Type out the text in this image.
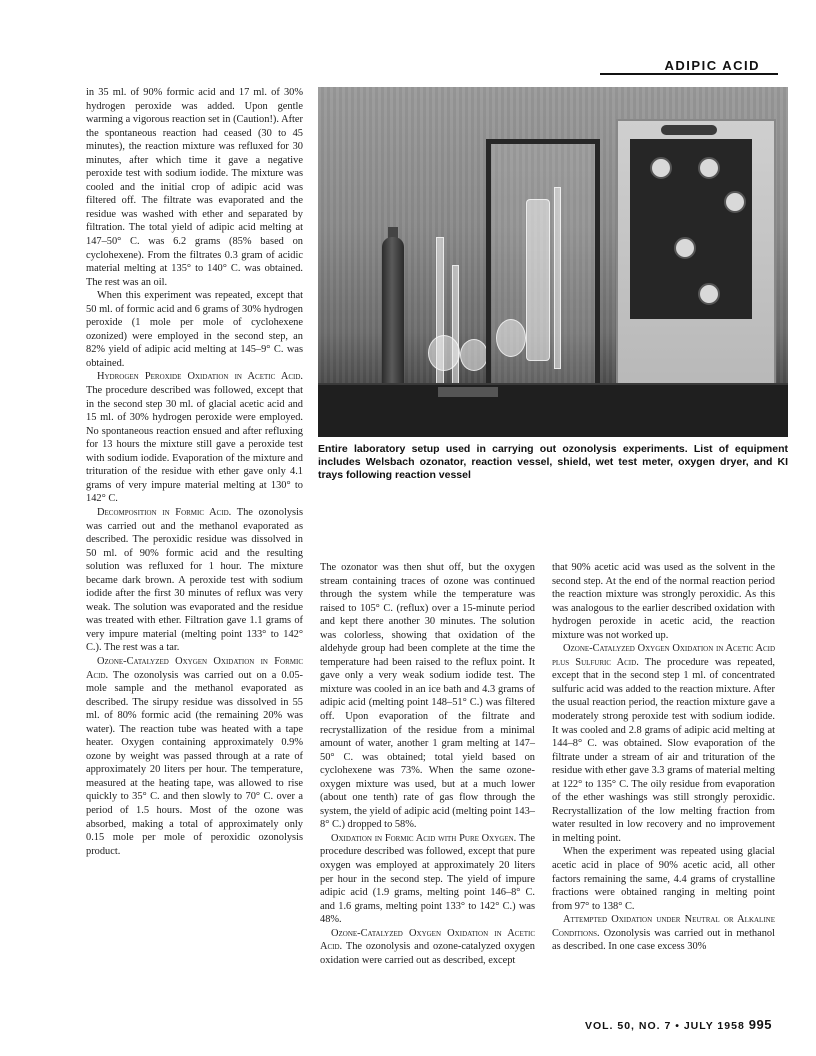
ADIPIC ACID

in 35 ml. of 90% formic acid and 17 ml. of 30% hydrogen peroxide was added. Upon gentle warming a vigorous reaction set in (Caution!). After the spontaneous reaction had ceased (30 to 45 minutes), the reaction mixture was refluxed for 30 minutes, after which time it gave a negative peroxide test with sodium iodide. The mixture was cooled and the initial crop of adipic acid was filtered off. The filtrate was evaporated and the residue was washed with ether and separated by filtration. The total yield of adipic acid melting at 147–50° C. was 6.2 grams (85% based on cyclohexene). From the filtrates 0.3 gram of acidic material melting at 135° to 140° C. was obtained. The rest was an oil.

When this experiment was repeated, except that 50 ml. of formic acid and 6 grams of 30% hydrogen peroxide (1 mole per mole of cyclohexene ozonized) were employed in the second step, an 82% yield of adipic acid melting at 145–9° C. was obtained.

Hydrogen Peroxide Oxidation in Acetic Acid. The procedure described was followed, except that in the second step 30 ml. of glacial acetic acid and 15 ml. of 30% hydrogen peroxide were employed. No spontaneous reaction ensued and after refluxing for 13 hours the mixture still gave a peroxide test with sodium iodide. Evaporation of the mixture and trituration of the residue with ether gave only 4.1 grams of very impure material melting at 130° to 142° C.

Decomposition in Formic Acid. The ozonolysis was carried out and the methanol evaporated as described. The peroxidic residue was dissolved in 50 ml. of 90% formic acid and the resulting solution was refluxed for 1 hour. The mixture became dark brown. A peroxide test with sodium iodide after the first 30 minutes of reflux was very weak. The solution was evaporated and the residue was treated with ether. Filtration gave 1.1 grams of very impure material (melting point 133° to 142° C.). The rest was a tar.

Ozone-Catalyzed Oxygen Oxidation in Formic Acid. The ozonolysis was carried out on a 0.05-mole sample and the methanol evaporated as described. The sirupy residue was dissolved in 55 ml. of 80% formic acid (the remaining 20% was water). The reaction tube was heated with a tape heater. Oxygen containing approximately 0.9% ozone by weight was passed through at a rate of approximately 20 liters per hour. The temperature, measured at the heating tape, was allowed to rise quickly to 35° C. and then slowly to 70° C. over a period of 1.5 hours. Most of the ozone was absorbed, making a total of approximately only 0.15 mole per mole of peroxidic ozonolysis product.

Entire laboratory setup used in carrying out ozonolysis experiments. List of equipment includes Welsbach ozonator, reaction vessel, shield, wet test meter, oxygen dryer, and KI trays following reaction vessel

The ozonator was then shut off, but the oxygen stream containing traces of ozone was continued through the system while the temperature was raised to 105° C. (reflux) over a 15-minute period and kept there another 30 minutes. The solution was colorless, showing that oxidation of the aldehyde group had been complete at the time the temperature had been raised to the reflux point. It gave only a very weak sodium iodide test. The mixture was cooled in an ice bath and 4.3 grams of adipic acid (melting point 148–51° C.) was filtered off. Upon evaporation of the filtrate and recrystallization of the residue from a minimal amount of water, another 1 gram melting at 147–50° C. was obtained; total yield based on cyclohexene was 73%. When the same ozone-oxygen mixture was used, but at a much lower (about one tenth) rate of gas flow through the system, the yield of adipic acid (melting point 143–8° C.) dropped to 58%.

Oxidation in Formic Acid with Pure Oxygen. The procedure described was followed, except that pure oxygen was employed at approximately 20 liters per hour in the second step. The yield of impure adipic acid (1.9 grams, melting point 146–8° C. and 1.6 grams, melting point 133° to 142° C.) was 48%.

Ozone-Catalyzed Oxygen Oxidation in Acetic Acid. The ozonolysis and ozone-catalyzed oxygen oxidation were carried out as described, except

that 90% acetic acid was used as the solvent in the second step. At the end of the normal reaction period the reaction mixture was strongly peroxidic. As this was analogous to the earlier described oxidation with hydrogen peroxide in acetic acid, the reaction mixture was not worked up.

Ozone-Catalyzed Oxygen Oxidation in Acetic Acid plus Sulfuric Acid. The procedure was repeated, except that in the second step 1 ml. of concentrated sulfuric acid was added to the reaction mixture. After the usual reaction period, the reaction mixture gave a moderately strong peroxide test with sodium iodide. It was cooled and 2.8 grams of adipic acid melting at 144–8° C. was obtained. Slow evaporation of the filtrate under a stream of air and trituration of the residue with ether gave 3.3 grams of material melting at 122° to 135° C. The oily residue from evaporation of the ether washings was still strongly peroxidic. Recrystallization of the low melting fraction from water resulted in low recovery and no improvement in melting point.

When the experiment was repeated using glacial acetic acid in place of 90% acetic acid, all other factors remaining the same, 4.4 grams of crystalline fractions were obtained ranging in melting point from 97° to 138° C.

Attempted Oxidation under Neutral or Alkaline Conditions. Ozonolysis was carried out in methanol as described. In one case excess 30%

VOL. 50, NO. 7 • JULY 1958 995
